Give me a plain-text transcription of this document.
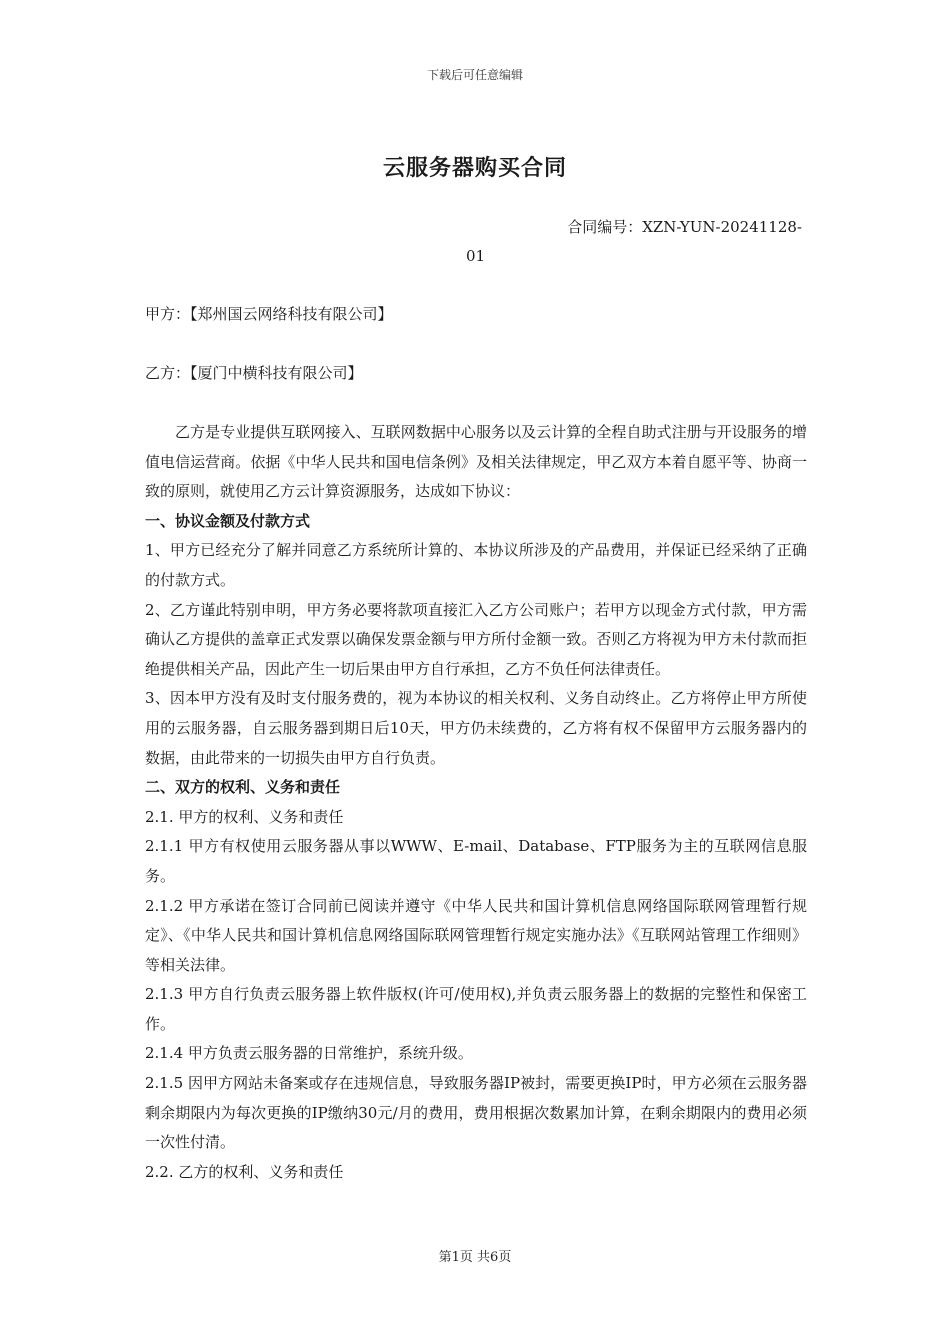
下载后可任意编辑
云服务器购买合同
合同编号：XZN-YUN-20241128-
01
甲方：【郑州国云网络科技有限公司】
乙方：【厦门中横科技有限公司】

乙方是专业提供互联网接入、互联网数据中心服务以及云计算的全程自助式注册与开设服务的增值电信运营商。依据《中华人民共和国电信条例》及相关法律规定，甲乙双方本着自愿平等、协商一致的原则，就使用乙方云计算资源服务，达成如下协议：

一、协议金额及付款方式

1、甲方已经充分了解并同意乙方系统所计算的、本协议所涉及的产品费用，并保证已经采纳了正确的付款方式。

2、乙方谨此特别申明，甲方务必要将款项直接汇入乙方公司账户；若甲方以现金方式付款，甲方需确认乙方提供的盖章正式发票以确保发票金额与甲方所付金额一致。否则乙方将视为甲方未付款而拒绝提供相关产品，因此产生一切后果由甲方自行承担，乙方不负任何法律责任。

3、因本甲方没有及时支付服务费的，视为本协议的相关权利、义务自动终止。乙方将停止甲方所使用的云服务器，自云服务器到期日后10天，甲方仍未续费的，乙方将有权不保留甲方云服务器内的数据，由此带来的一切损失由甲方自行负责。

二、双方的权利、义务和责任

2.1. 甲方的权利、义务和责任

2.1.1 甲方有权使用云服务器从事以WWW、E-mail、Database、FTP服务为主的互联网信息服务。

2.1.2 甲方承诺在签订合同前已阅读并遵守《中华人民共和国计算机信息网络国际联网管理暂行规定》、《中华人民共和国计算机信息网络国际联网管理暂行规定实施办法》《互联网站管理工作细则》等相关法律。

2.1.3 甲方自行负责云服务器上软件版权(许可/使用权),并负责云服务器上的数据的完整性和保密工作。

2.1.4 甲方负责云服务器的日常维护，系统升级。

2.1.5 因甲方网站未备案或存在违规信息，导致服务器IP被封，需要更换IP时，甲方必须在云服务器剩余期限内为每次更换的IP缴纳30元/月的费用，费用根据次数累加计算，在剩余期限内的费用必须一次性付清。

2.2. 乙方的权利、义务和责任

第1页 共6页
